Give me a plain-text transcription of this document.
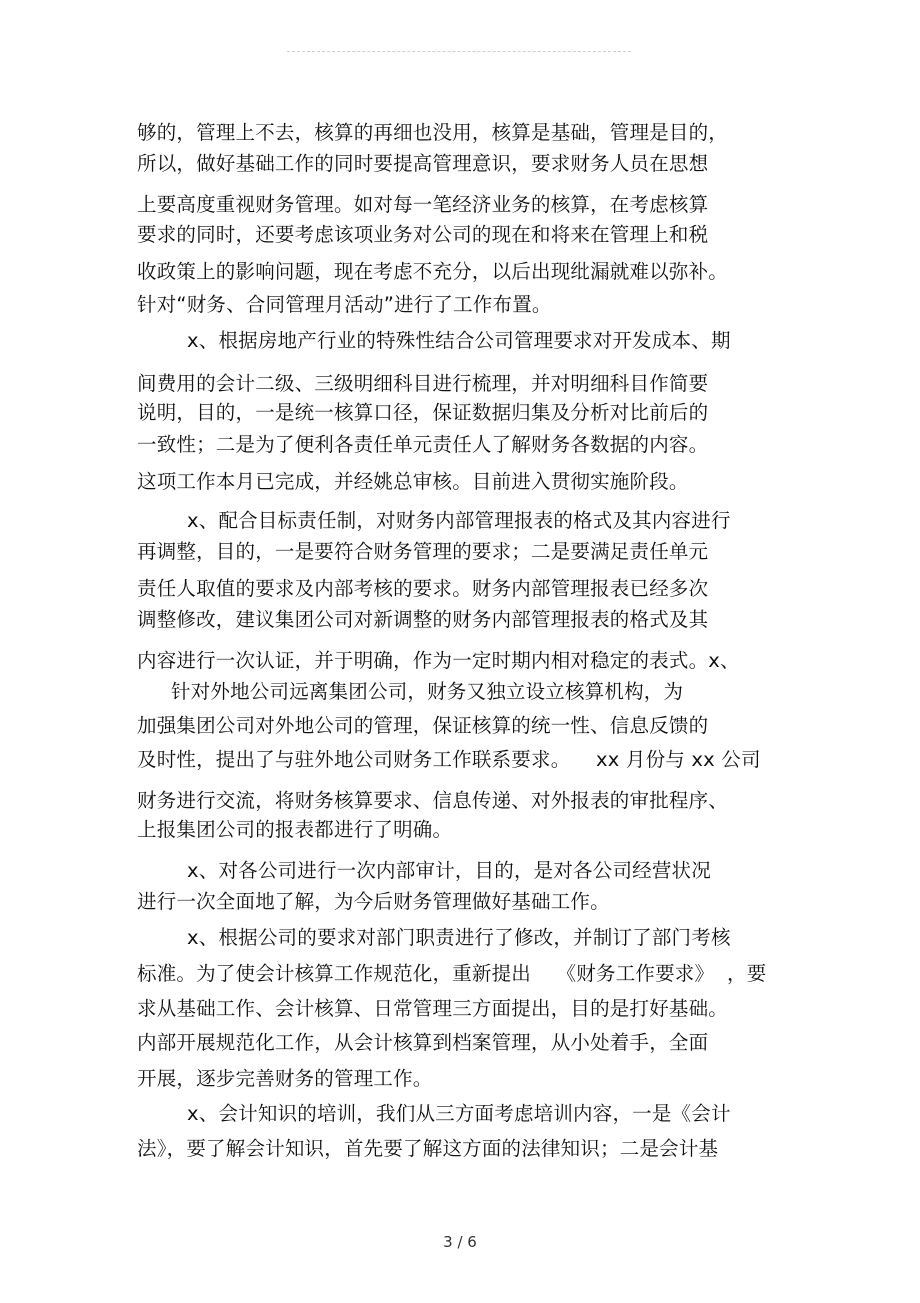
够的，管理上不去，核算的再细也没用，核算是基础，管理是目的，
所以，做好基础工作的同时要提高管理意识，要求财务人员在思想
上要高度重视财务管理。如对每一笔经济业务的核算，在考虑核算
要求的同时，还要考虑该项业务对公司的现在和将来在管理上和税
收政策上的影响问题，现在考虑不充分，以后出现纰漏就难以弥补。
针对“财务、合同管理月活动”进行了工作布置。
x、根据房地产行业的特殊性结合公司管理要求对开发成本、期
间费用的会计二级、三级明细科目进行梳理，并对明细科目作简要
说明，目的，一是统一核算口径，保证数据归集及分析对比前后的
一致性；二是为了便利各责任单元责任人了解财务各数据的内容。
这项工作本月已完成，并经姚总审核。目前进入贯彻实施阶段。
x、配合目标责任制，对财务内部管理报表的格式及其内容进行
再调整，目的，一是要符合财务管理的要求；二是要满足责任单元
责任人取值的要求及内部考核的要求。财务内部管理报表已经多次
调整修改，建议集团公司对新调整的财务内部管理报表的格式及其
内容进行一次认证，并于明确，作为一定时期内相对稳定的表式。x、
针对外地公司远离集团公司，财务又独立设立核算机构，为
加强集团公司对外地公司的管理，保证核算的统一性、信息反馈的
及时性，提出了与驻外地公司财务工作联系要求。    xx 月份与 xx 公司
财务进行交流，将财务核算要求、信息传递、对外报表的审批程序、
上报集团公司的报表都进行了明确。
x、对各公司进行一次内部审计，目的，是对各公司经营状况
进行一次全面地了解，为今后财务管理做好基础工作。
x、根据公司的要求对部门职责进行了修改，并制订了部门考核
标准。为了使会计核算工作规范化，重新提出    《财务工作要求》  ，要
求从基础工作、会计核算、日常管理三方面提出，目的是打好基础。
内部开展规范化工作，从会计核算到档案管理，从小处着手，全面
开展，逐步完善财务的管理工作。
x、会计知识的培训，我们从三方面考虑培训内容，一是《会计
法》，要了解会计知识，首先要了解这方面的法律知识；二是会计基
3 / 6
